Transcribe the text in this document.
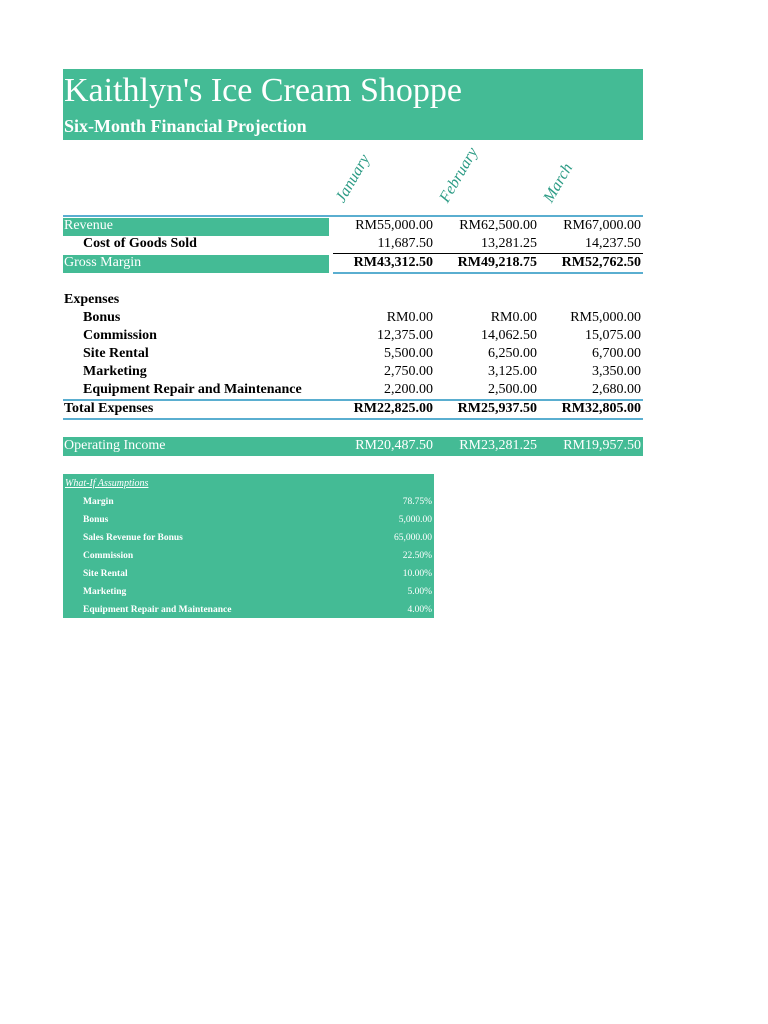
Kaithlyn's Ice Cream Shoppe
Six-Month Financial Projection
January	February	March
Revenue	RM55,000.00	RM62,500.00	RM67,000.00
Cost of Goods Sold	11,687.50	13,281.25	14,237.50
Gross Margin	RM43,312.50	RM49,218.75	RM52,762.50
Expenses
Bonus	RM0.00	RM0.00	RM5,000.00
Commission	12,375.00	14,062.50	15,075.00
Site Rental	5,500.00	6,250.00	6,700.00
Marketing	2,750.00	3,125.00	3,350.00
Equipment Repair and Maintenance	2,200.00	2,500.00	2,680.00
Total Expenses	RM22,825.00	RM25,937.50	RM32,805.00
Operating Income	RM20,487.50	RM23,281.25	RM19,957.50
What-If Assumptions
Margin	78.75%
Bonus	5,000.00
Sales Revenue for Bonus	65,000.00
Commission	22.50%
Site Rental	10.00%
Marketing	5.00%
Equipment Repair and Maintenance	4.00%
